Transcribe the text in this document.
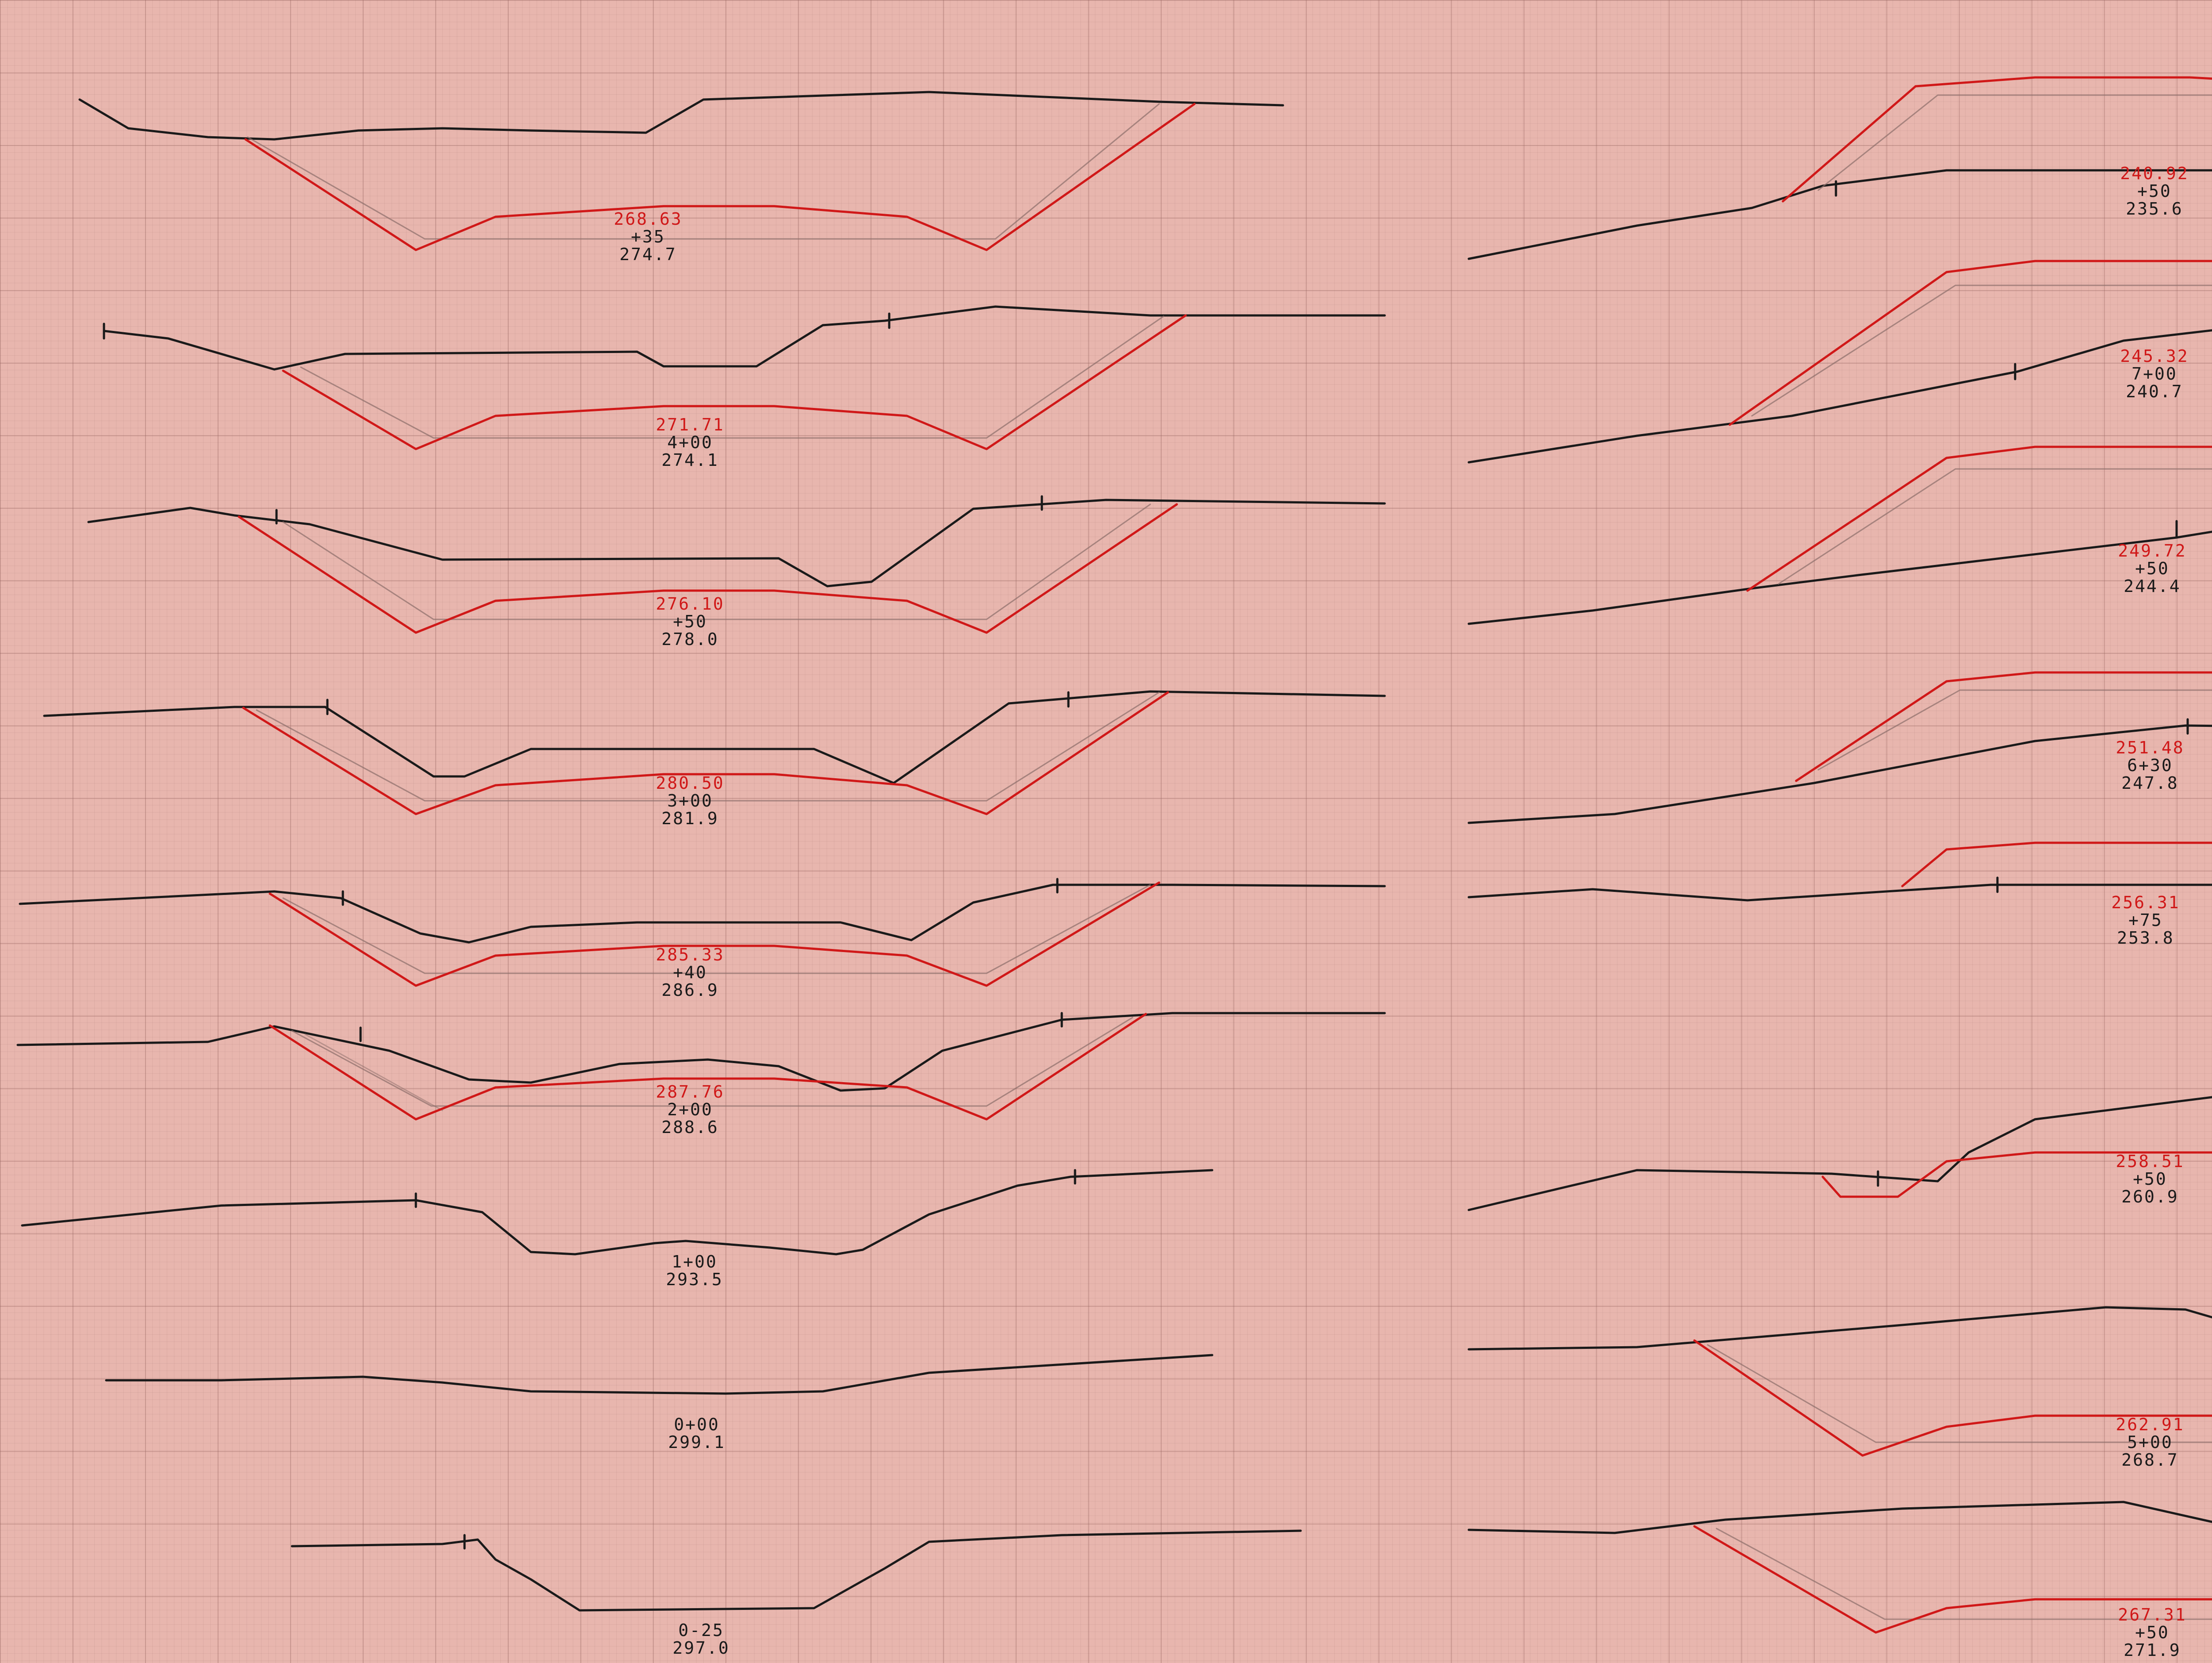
268.63
+35
274.7
271.71
4+00
274.1
276.10
+50
278.0
280.50
3+00
281.9
285.33
+40
286.9
287.76
2+00
288.6
1+00
293.5
0+00
299.1
0-25
297.0
240.92
+50
235.6
245.32
7+00
240.7
249.72
+50
244.4
251.48
6+30
247.8
256.31
+75
253.8
258.51
+50
260.9
262.91
5+00
268.7
267.31
+50
271.9
